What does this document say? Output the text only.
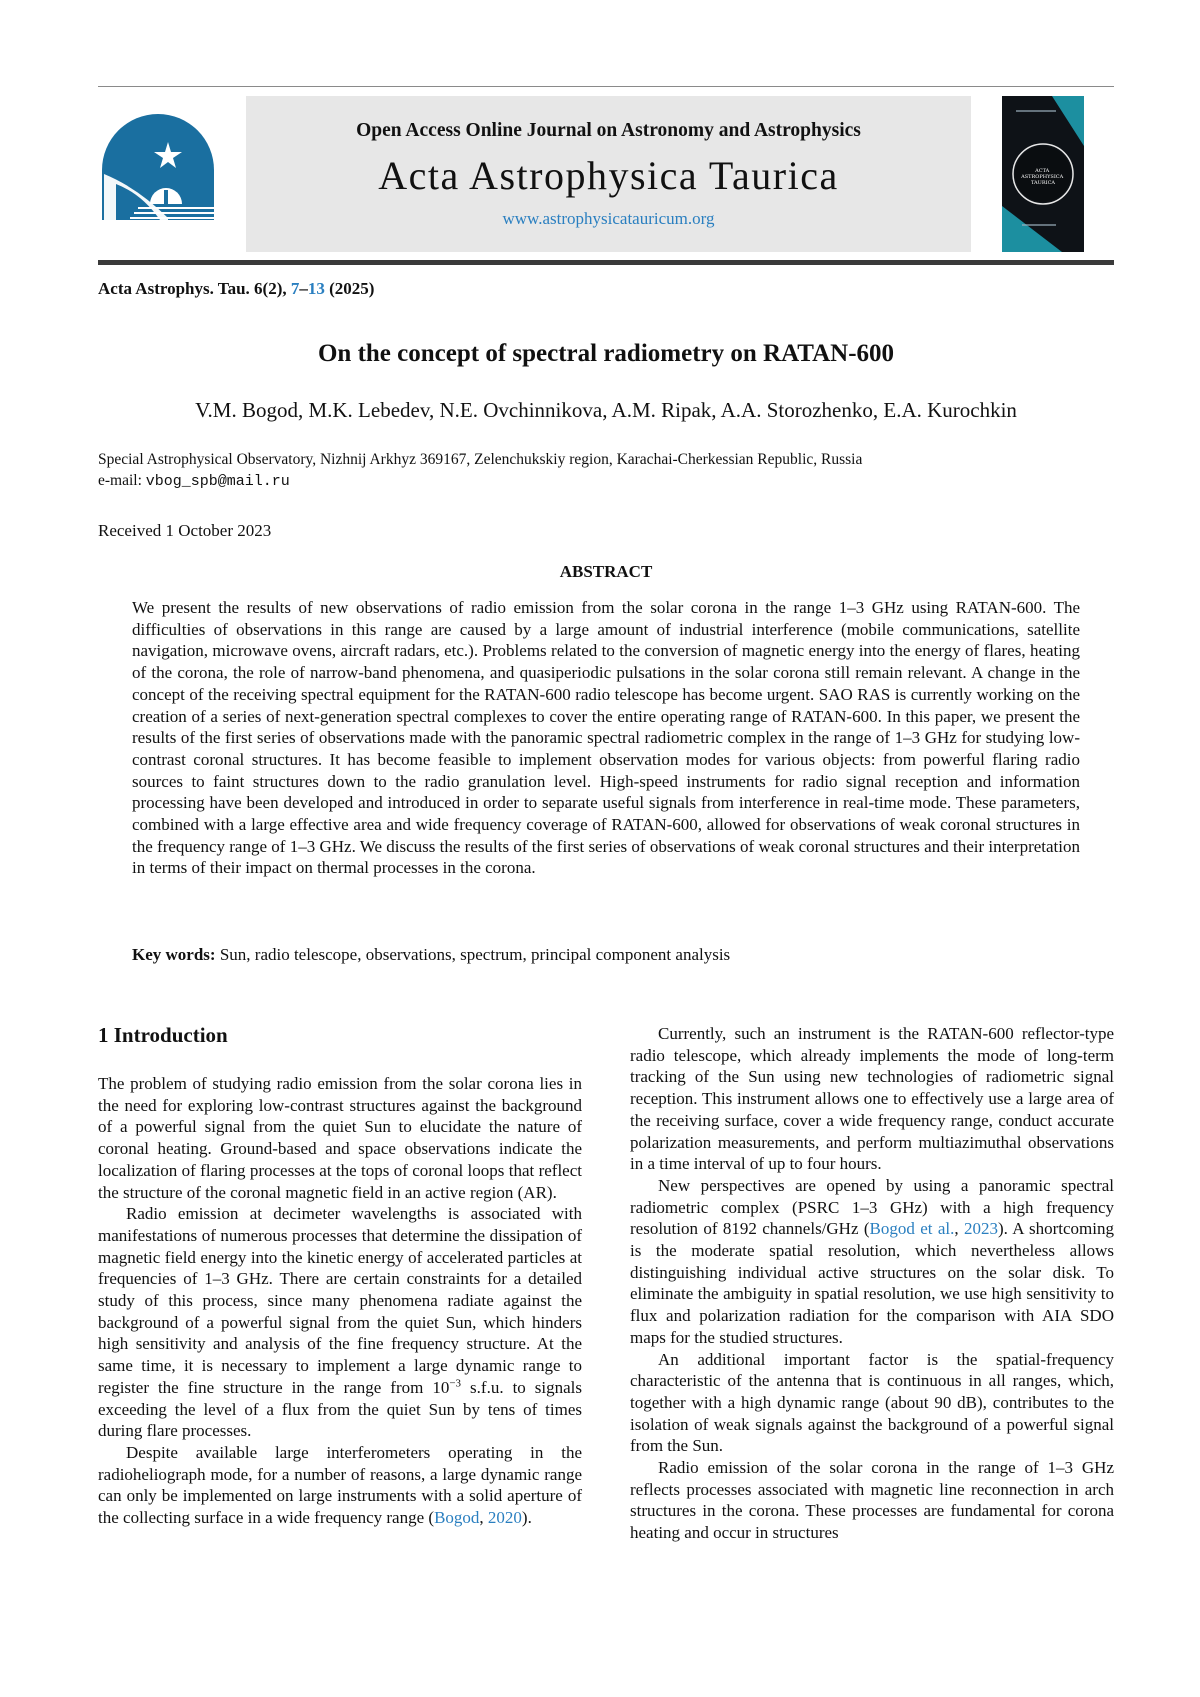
Open Access Online Journal on Astronomy and Astrophysics
Acta Astrophysica Taurica
www.astrophysicatauricum.org
ACTA ASTROPHYSICA TAURICA
Acta Astrophys. Tau. 6(2), 7–13 (2025)
On the concept of spectral radiometry on RATAN-600
V.M. Bogod, M.K. Lebedev, N.E. Ovchinnikova, A.M. Ripak, A.A. Storozhenko, E.A. Kurochkin
Special Astrophysical Observatory, Nizhnij Arkhyz 369167, Zelenchukskiy region, Karachai-Cherkessian Republic, Russia
e-mail: vbog_spb@mail.ru
Received 1 October 2023
ABSTRACT

We present the results of new observations of radio emission from the solar corona in the range 1–3 GHz using RATAN-600. The difficulties of observations in this range are caused by a large amount of industrial interference (mobile communications, satellite navigation, microwave ovens, aircraft radars, etc.). Problems related to the conversion of magnetic energy into the energy of flares, heating of the corona, the role of narrow-band phenomena, and quasiperiodic pulsations in the solar corona still remain relevant. A change in the concept of the receiving spectral equipment for the RATAN-600 radio telescope has become urgent. SAO RAS is currently working on the creation of a series of next-generation spectral complexes to cover the entire operating range of RATAN-600. In this paper, we present the results of the first series of observations made with the panoramic spectral radiometric complex in the range of 1–3 GHz for studying low-contrast coronal structures. It has become feasible to implement observation modes for various objects: from powerful flaring radio sources to faint structures down to the radio granulation level. High-speed instruments for radio signal reception and information processing have been developed and introduced in order to separate useful signals from interference in real-time mode. These parameters, combined with a large effective area and wide frequency coverage of RATAN-600, allowed for observations of weak coronal structures in the frequency range of 1–3 GHz. We discuss the results of the first series of observations of weak coronal structures and their interpretation in terms of their impact on thermal processes in the corona.

Key words: Sun, radio telescope, observations, spectrum, principal component analysis
1 Introduction

The problem of studying radio emission from the solar corona lies in the need for exploring low-contrast structures against the background of a powerful signal from the quiet Sun to elucidate the nature of coronal heating. Ground-based and space observations indicate the localization of flaring processes at the tops of coronal loops that reflect the structure of the coronal magnetic field in an active region (AR).

Radio emission at decimeter wavelengths is associated with manifestations of numerous processes that determine the dissipation of magnetic field energy into the kinetic energy of accelerated particles at frequencies of 1–3 GHz. There are certain constraints for a detailed study of this process, since many phenomena radiate against the background of a powerful signal from the quiet Sun, which hinders high sensitivity and analysis of the fine frequency structure. At the same time, it is necessary to implement a large dynamic range to register the fine structure in the range from $10^{-3}$ s.f.u. to signals exceeding the level of a flux from the quiet Sun by tens of times during flare processes.

Despite available large interferometers operating in the radioheliograph mode, for a number of reasons, a large dynamic range can only be implemented on large instruments with a solid aperture of the collecting surface in a wide frequency range (Bogod, 2020).

Currently, such an instrument is the RATAN-600 reflector-type radio telescope, which already implements the mode of long-term tracking of the Sun using new technologies of radiometric signal reception. This instrument allows one to effectively use a large area of the receiving surface, cover a wide frequency range, conduct accurate polarization measurements, and perform multiazimuthal observations in a time interval of up to four hours.

New perspectives are opened by using a panoramic spectral radiometric complex (PSRC 1–3 GHz) with a high frequency resolution of 8192 channels/GHz (Bogod et al., 2023). A shortcoming is the moderate spatial resolution, which nevertheless allows distinguishing individual active structures on the solar disk. To eliminate the ambiguity in spatial resolution, we use high sensitivity to flux and polarization radiation for the comparison with AIA SDO maps for the studied structures.

An additional important factor is the spatial-frequency characteristic of the antenna that is continuous in all ranges, which, together with a high dynamic range (about 90 dB), contributes to the isolation of weak signals against the background of a powerful signal from the Sun.

Radio emission of the solar corona in the range of 1–3 GHz reflects processes associated with magnetic line reconnection in arch structures in the corona. These processes are fundamental for corona heating and occur in structures
